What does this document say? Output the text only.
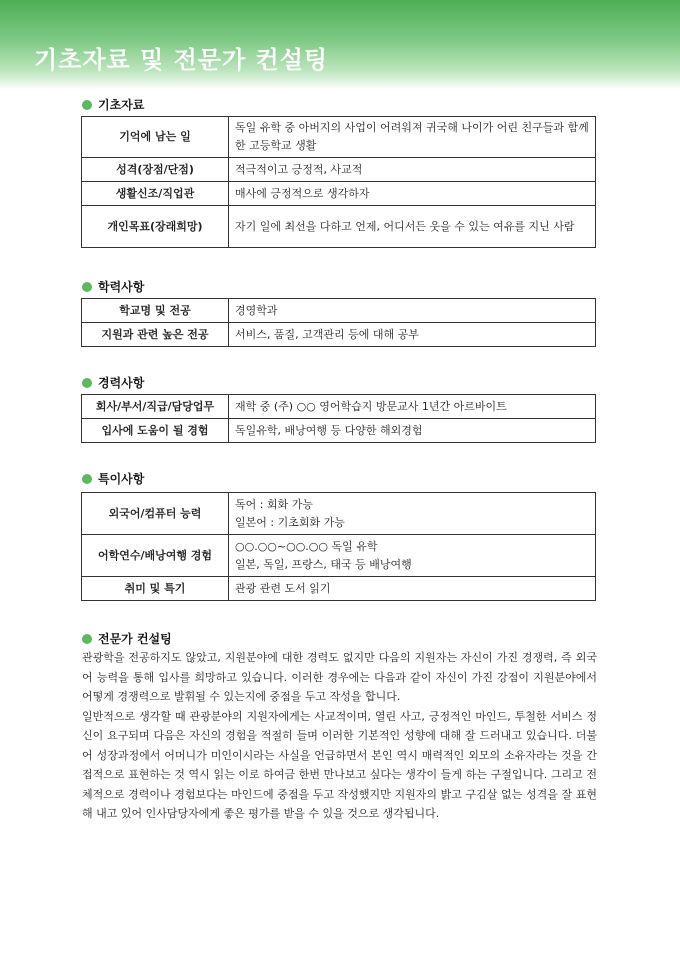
기초자료 및 전문가 컨설팅
기초자료
기억에 남는 일	독일 유학 중 아버지의 사업이 어려워져 귀국해 나이가 어린 친구들과 함께 한 고등학교 생활
성격(장점/단점)	적극적이고 긍정적, 사교적
생활신조/직업관	매사에 긍정적으로 생각하자
개인목표(장래희망)	자기 일에 최선을 다하고 언제, 어디서든 웃을 수 있는 여유를 지닌 사람
학력사항
학교명 및 전공	경영학과
지원과 관련 높은 전공	서비스, 품질, 고객관리 등에 대해 공부
경력사항
회사/부서/직급/담당업무	재학 중 (주) ○○ 영어학습지 방문교사 1년간 아르바이트
입사에 도움이 될 경험	독일유학, 배낭여행 등 다양한 해외경험
특이사항
외국어/컴퓨터 능력	독어 : 회화 가능
일본어 : 기초회화 가능

어학연수/배낭여행 경험	○○.○○~○○.○○ 독일 유학
일본, 독일, 프랑스, 태국 등 배낭여행

취미 및 특기	관광 관련 도서 읽기
전문가 컨설팅

관광학을 전공하지도 않았고, 지원분야에 대한 경력도 없지만 다음의 지원자는 자신이 가진 경쟁력, 즉 외국어 능력을 통해 입사를 희망하고 있습니다. 이러한 경우에는 다음과 같이 자신이 가진 강점이 지원분야에서 어떻게 경쟁력으로 발휘될 수 있는지에 중점을 두고 작성을 합니다.

일반적으로 생각할 때 관광분야의 지원자에게는 사교적이며, 열린 사고, 긍정적인 마인드, 투철한 서비스 정신이 요구되며 다음은 자신의 경험을 적절히 들며 이러한 기본적인 성향에 대해 잘 드러내고 있습니다. 더불어 성장과정에서 어머니가 미인이시라는 사실을 언급하면서 본인 역시 매력적인 외모의 소유자라는 것을 간접적으로 표현하는 것 역시 읽는 이로 하여금 한번 만나보고 싶다는 생각이 들게 하는 구절입니다. 그리고 전체적으로 경력이나 경험보다는 마인드에 중점을 두고 작성했지만 지원자의 밝고 구김살 없는 성격을 잘 표현해 내고 있어 인사담당자에게 좋은 평가를 받을 수 있을 것으로 생각됩니다.
